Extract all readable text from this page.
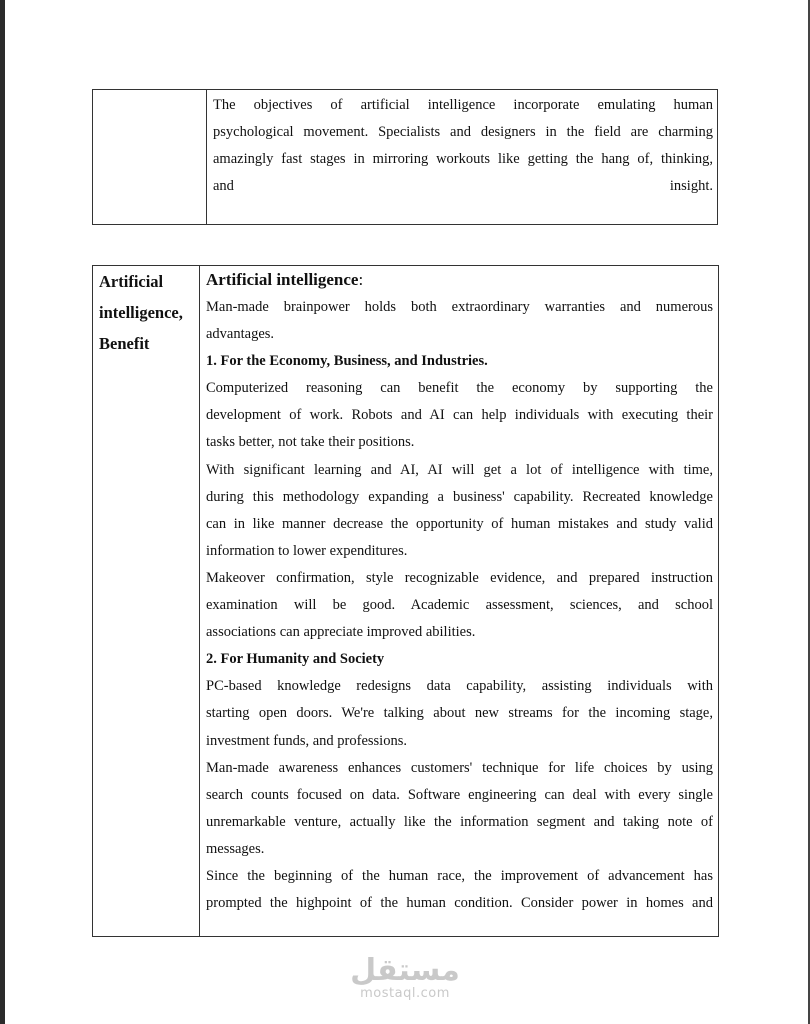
The objectives of artificial intelligence incorporate emulating human
psychological movement. Specialists and designers in the field are charming
amazingly fast stages in mirroring workouts like getting the hang of, thinking,
and insight.
Artificial
intelligence,
Benefit
Artificial intelligence:
Man-made brainpower holds both extraordinary warranties and numerous
advantages.
1. For the Economy, Business, and Industries.
Computerized reasoning can benefit the economy by supporting the
development of work. Robots and AI can help individuals with executing their
tasks better, not take their positions.
With significant learning and AI, AI will get a lot of intelligence with time,
during this methodology expanding a business' capability. Recreated knowledge
can in like manner decrease the opportunity of human mistakes and study valid
information to lower expenditures.
Makeover confirmation, style recognizable evidence, and prepared instruction
examination will be good. Academic assessment, sciences, and school
associations can appreciate improved abilities.
2. For Humanity and Society
PC-based knowledge redesigns data capability, assisting individuals with
starting open doors. We're talking about new streams for the incoming stage,
investment funds, and professions.
Man-made awareness enhances customers' technique for life choices by using
search counts focused on data. Software engineering can deal with every single
unremarkable venture, actually like the information segment and taking note of
messages.
Since the beginning of the human race, the improvement of advancement has
prompted the highpoint of the human condition. Consider power in homes and
مستقل
mostaql.com
